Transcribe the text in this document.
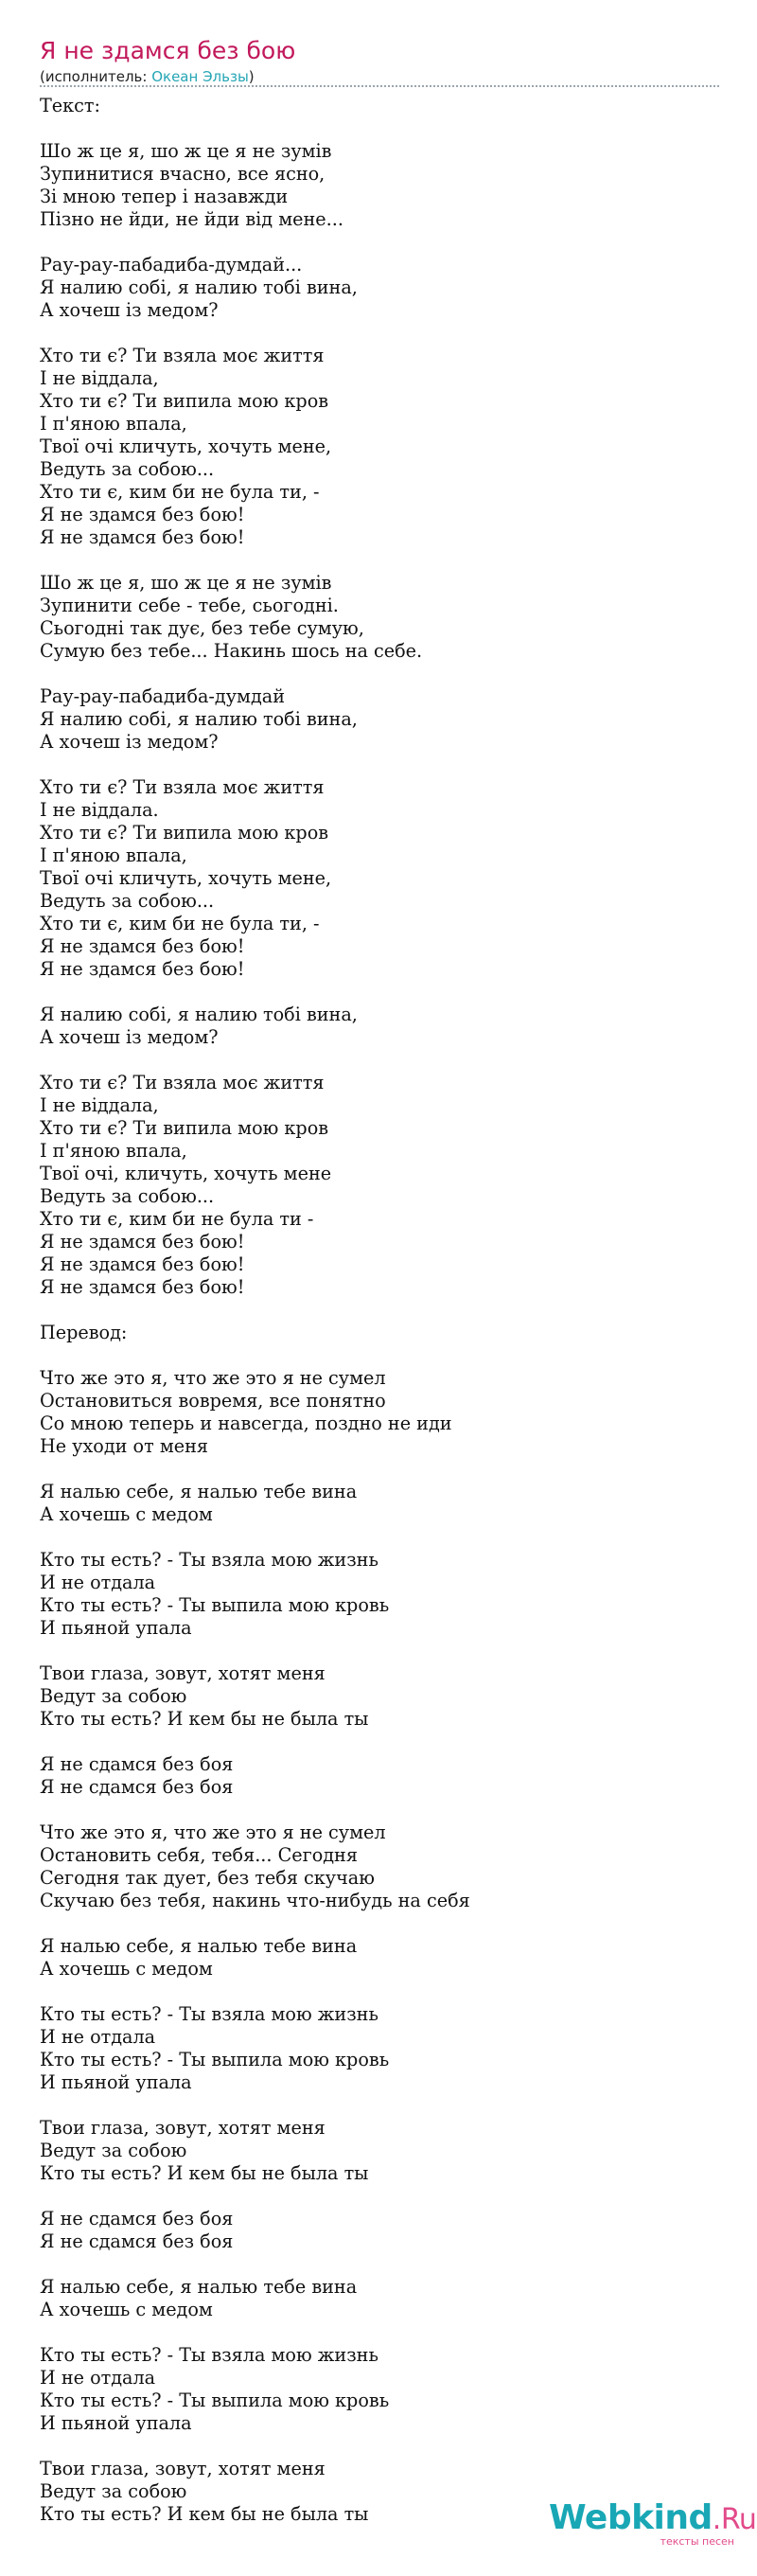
Я не здамся без бою
(исполнитель: Океан Эльзы)
Текст:
Шо ж це я, шо ж це я не зумів
Зупинитися вчасно, все ясно,
Зі мною тепер і назавжди
Пізно не йди, не йди від мене...
Рау-рау-пабадиба-думдай...
Я налию собі, я налию тобі вина,
А хочеш із медом?
Хто ти є? Ти взяла моє життя
І не віддала,
Хто ти є? Ти випила мою кров
І п'яною впала,
Твої очі кличуть, хочуть мене,
Ведуть за собою...
Хто ти є, ким би не була ти, -
Я не здамся без бою!
Я не здамся без бою!
Шо ж це я, шо ж це я не зумів
Зупинити себе - тебе, сьогодні.
Сьогодні так дує, без тебе сумую,
Сумую без тебе... Накинь шось на себе.
Рау-рау-пабадиба-думдай
Я налию собі, я налию тобі вина,
А хочеш із медом?
Хто ти є? Ти взяла моє життя
І не віддала.
Хто ти є? Ти випила мою кров
І п'яною впала,
Твої очі кличуть, хочуть мене,
Ведуть за собою...
Хто ти є, ким би не була ти, -
Я не здамся без бою!
Я не здамся без бою!
Я налию собі, я налию тобі вина,
А хочеш із медом?
Хто ти є? Ти взяла моє життя
І не віддала,
Хто ти є? Ти випила мою кров
І п'яною впала,
Твої очі, кличуть, хочуть мене
Ведуть за собою...
Хто ти є, ким би не була ти -
Я не здамся без бою!
Я не здамся без бою!
Я не здамся без бою!
Перевод:
Что же это я, что же это я не сумел
Остановиться вовремя, все понятно
Со мною теперь и навсегда, поздно не иди
Не уходи от меня
Я налью себе, я налью тебе вина
А хочешь с медом
Кто ты есть? - Ты взяла мою жизнь
И не отдала
Кто ты есть? - Ты выпила мою кровь
И пьяной упала
Твои глаза, зовут, хотят меня
Ведут за собою
Кто ты есть? И кем бы не была ты
Я не сдамся без боя
Я не сдамся без боя
Что же это я, что же это я не сумел
Остановить себя, тебя... Сегодня
Сегодня так дует, без тебя скучаю
Скучаю без тебя, накинь что-нибудь на себя
Я налью себе, я налью тебе вина
А хочешь с медом
Кто ты есть? - Ты взяла мою жизнь
И не отдала
Кто ты есть? - Ты выпила мою кровь
И пьяной упала
Твои глаза, зовут, хотят меня
Ведут за собою
Кто ты есть? И кем бы не была ты
Я не сдамся без боя
Я не сдамся без боя
Я налью себе, я налью тебе вина
А хочешь с медом
Кто ты есть? - Ты взяла мою жизнь
И не отдала
Кто ты есть? - Ты выпила мою кровь
И пьяной упала
Твои глаза, зовут, хотят меня
Ведут за собою
Кто ты есть? И кем бы не была ты	Webkind.Ru
тексты песен
